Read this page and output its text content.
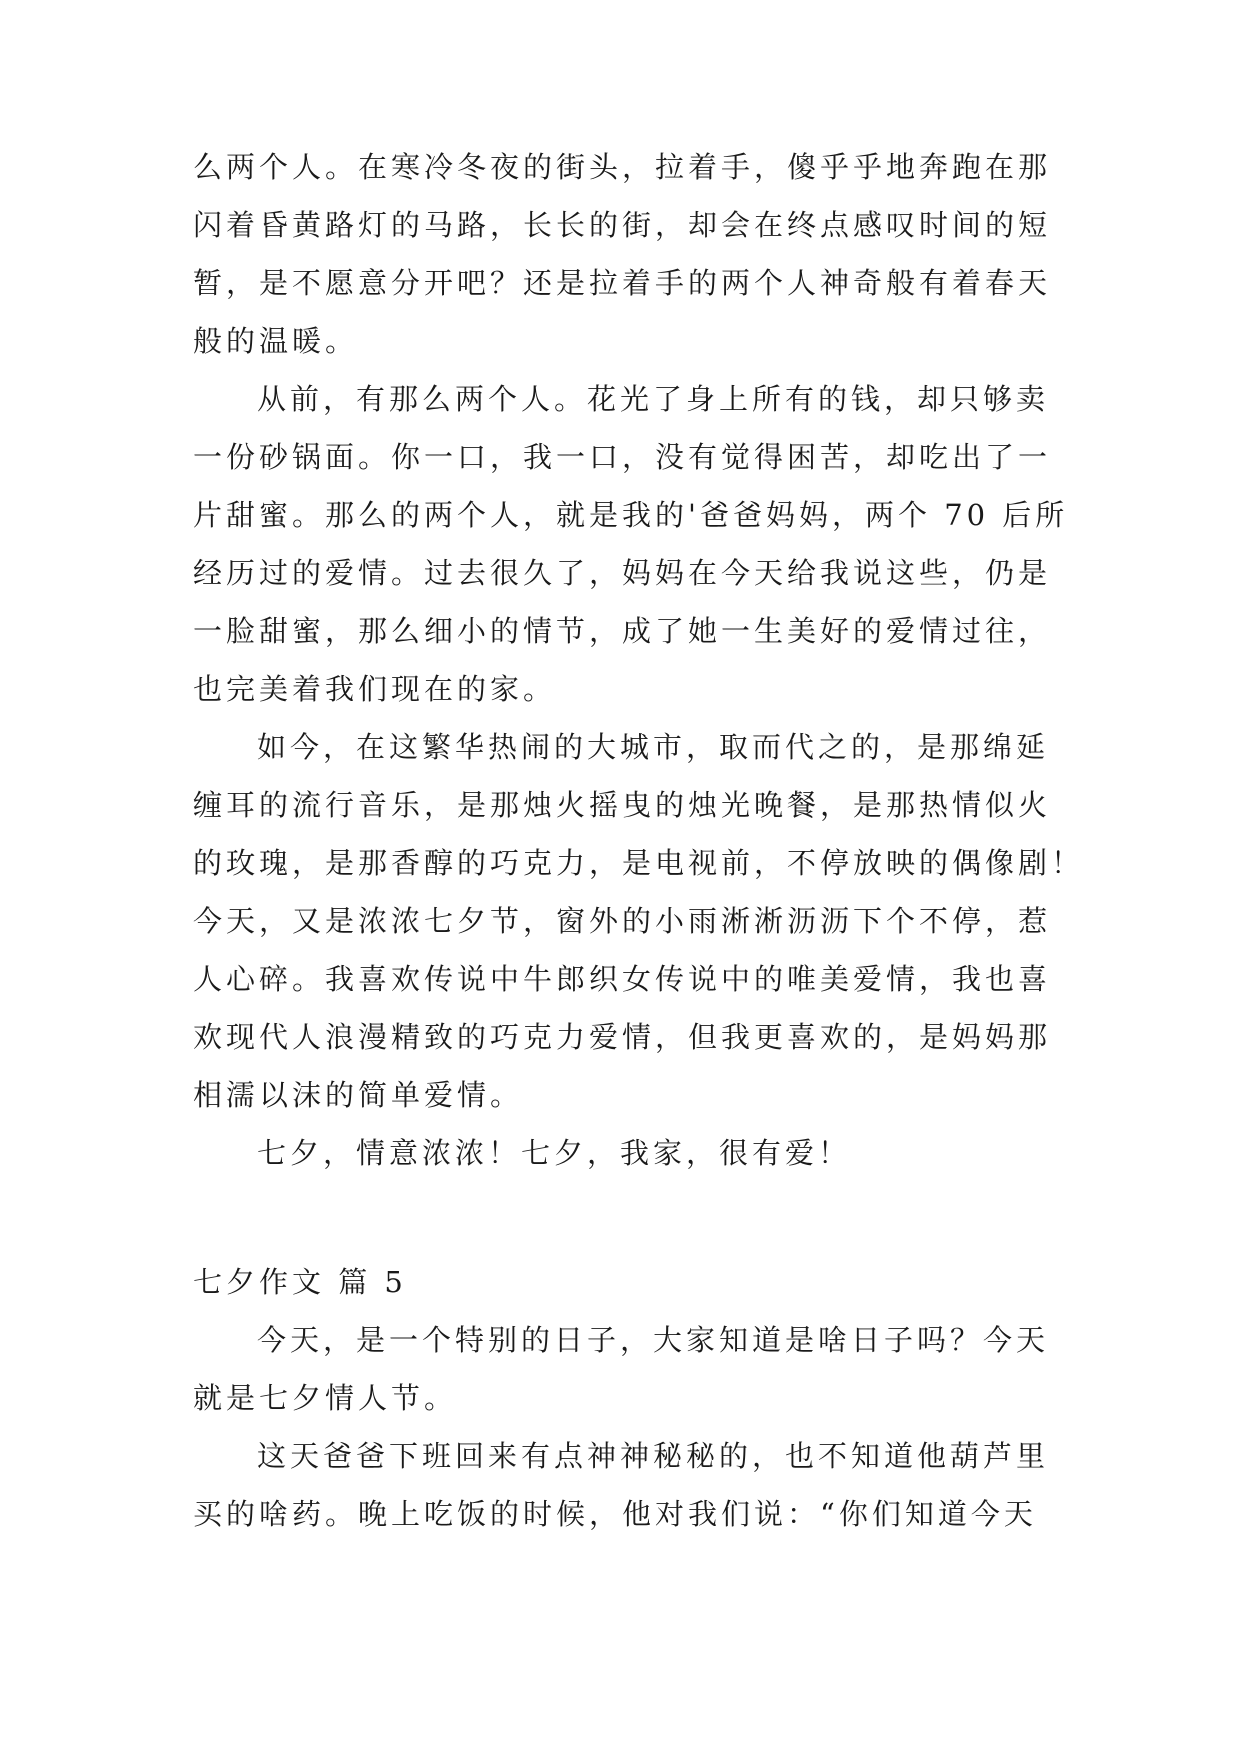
么两个人。在寒冷冬夜的街头，拉着手，傻乎乎地奔跑在那
闪着昏黄路灯的马路，长长的街，却会在终点感叹时间的短
暂，是不愿意分开吧？还是拉着手的两个人神奇般有着春天
般的温暖。
从前，有那么两个人。花光了身上所有的钱，却只够卖
一份砂锅面。你一口，我一口，没有觉得困苦，却吃出了一
片甜蜜。那么的两个人，就是我的'爸爸妈妈，两个 70 后所
经历过的爱情。过去很久了，妈妈在今天给我说这些，仍是
一脸甜蜜，那么细小的情节，成了她一生美好的爱情过往，
也完美着我们现在的家。
如今，在这繁华热闹的大城市，取而代之的，是那绵延
缠耳的流行音乐，是那烛火摇曳的烛光晚餐，是那热情似火
的玫瑰，是那香醇的巧克力，是电视前，不停放映的偶像剧！
今天，又是浓浓七夕节，窗外的小雨淅淅沥沥下个不停，惹
人心碎。我喜欢传说中牛郎织女传说中的唯美爱情，我也喜
欢现代人浪漫精致的巧克力爱情，但我更喜欢的，是妈妈那
相濡以沫的简单爱情。
七夕，情意浓浓！七夕，我家，很有爱！
七夕作文 篇 5
今天，是一个特别的日子，大家知道是啥日子吗？今天
就是七夕情人节。
这天爸爸下班回来有点神神秘秘的，也不知道他葫芦里
买的啥药。晚上吃饭的时候，他对我们说：“你们知道今天
